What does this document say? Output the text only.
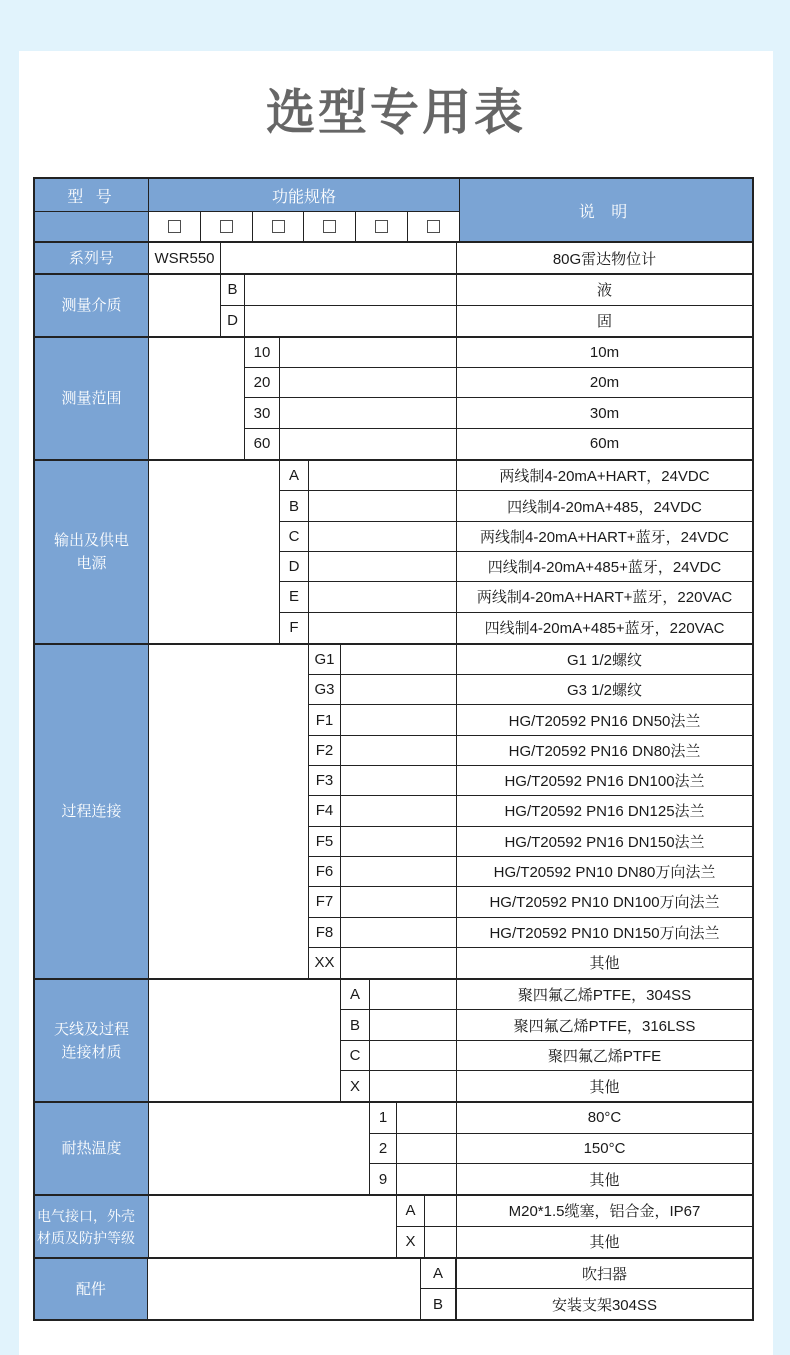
选型专用表
型 号	功能规格
说 明
系列号	WSR550	80G雷达物位计
测量介质
B	液
D	固
测量范围
10	10m
20	20m
30	30m
60	60m
输出及供电
电源
A	两线制4-20mA+HART，24VDC
B	四线制4-20mA+485，24VDC
C	两线制4-20mA+HART+蓝牙，24VDC
D	四线制4-20mA+485+蓝牙，24VDC
E	两线制4-20mA+HART+蓝牙，220VAC
F	四线制4-20mA+485+蓝牙，220VAC
过程连接
G1	G1 1/2螺纹
G3	G3 1/2螺纹
F1	HG/T20592 PN16 DN50法兰
F2	HG/T20592 PN16 DN80法兰
F3	HG/T20592 PN16 DN100法兰
F4	HG/T20592 PN16 DN125法兰
F5	HG/T20592 PN16 DN150法兰
F6	HG/T20592 PN10 DN80万向法兰
F7	HG/T20592 PN10 DN100万向法兰
F8	HG/T20592 PN10 DN150万向法兰
XX	其他
天线及过程
连接材质
A	聚四氟乙烯PTFE，304SS
B	聚四氟乙烯PTFE，316LSS
C	聚四氟乙烯PTFE
X	其他
耐热温度
1	80°C
2	150°C
9	其他
电气接口，外壳
材质及防护等级
A	M20*1.5缆塞，铝合金，IP67
X	其他
配件
A	吹扫器
B	安装支架304SS
